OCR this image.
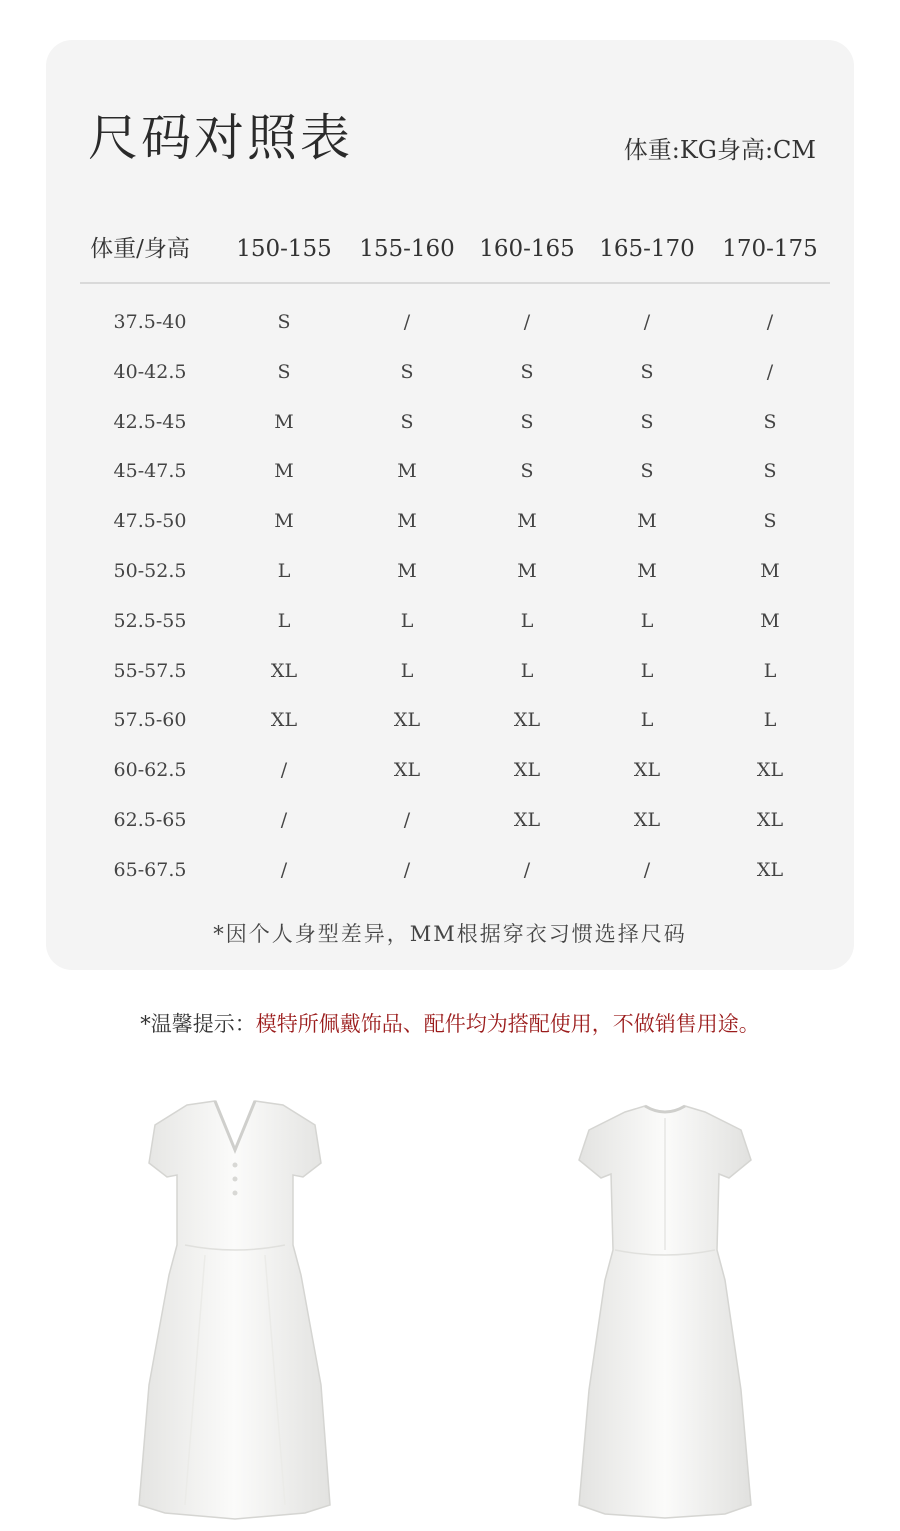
尺码对照表	体重:KG身高:CM
体重/身高 150-155 155-160 160-165 165-170 170-175
37.5-40	S	/	/	/	/
40-42.5	S	S	S	S	/
42.5-45	M	S	S	S	S
45-47.5	M	M	S	S	S
47.5-50	M	M	M	M	S
50-52.5	L	M	M	M	M
52.5-55	L	L	L	L	M
55-57.5	XL	L	L	L	L
57.5-60	XL	XL	XL	L	L
60-62.5	/	XL	XL	XL	XL
62.5-65	/	/	XL	XL	XL
65-67.5	/	/	/	/	XL
*因个人身型差异，MM根据穿衣习惯选择尺码
*温馨提示：模特所佩戴饰品、配件均为搭配使用，不做销售用途。
